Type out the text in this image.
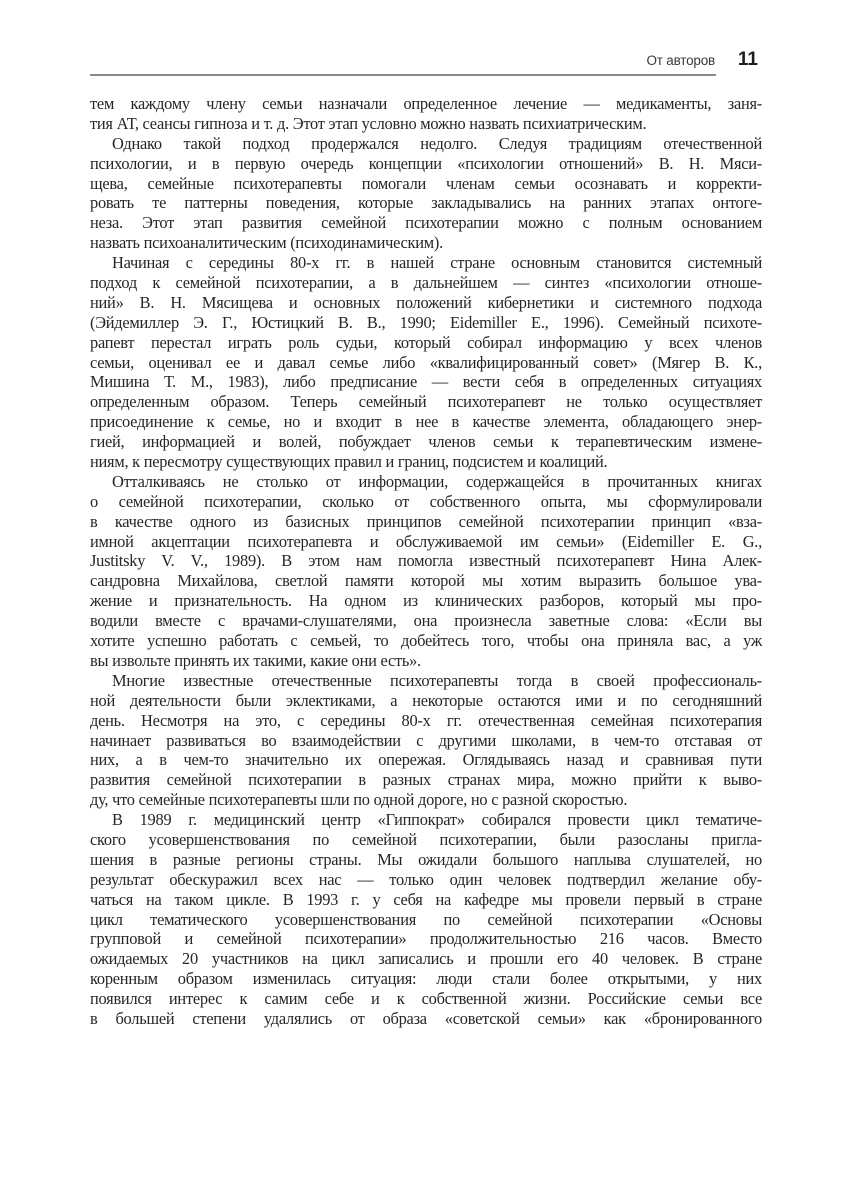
От авторов 11
тем каждому члену семьи назначали определенное лечение — медикаменты, заня-
тия АТ, сеансы гипноза и т. д. Этот этап условно можно назвать психиатрическим.
Однако такой подход продержался недолго. Следуя традициям отечественной
психологии, и в первую очередь концепции «психологии отношений» В. Н. Мяси-
щева, семейные психотерапевты помогали членам семьи осознавать и корректи-
ровать те паттерны поведения, которые закладывались на ранних этапах онтоге-
неза. Этот этап развития семейной психотерапии можно с полным основанием
назвать психоаналитическим (психодинамическим).
Начиная с середины 80-х гг. в нашей стране основным становится системный
подход к семейной психотерапии, а в дальнейшем — синтез «психологии отноше-
ний» В. Н. Мясищева и основных положений кибернетики и системного подхода
(Эйдемиллер Э. Г., Юстицкий В. В., 1990; Eidemiller E., 1996). Семейный психоте-
рапевт перестал играть роль судьи, который собирал информацию у всех членов
семьи, оценивал ее и давал семье либо «квалифицированный совет» (Мягер В. К.,
Мишина Т. М., 1983), либо предписание — вести себя в определенных ситуациях
определенным образом. Теперь семейный психотерапевт не только осуществляет
присоединение к семье, но и входит в нее в качестве элемента, обладающего энер-
гией, информацией и волей, побуждает членов семьи к терапевтическим измене-
ниям, к пересмотру существующих правил и границ, подсистем и коалиций.
Отталкиваясь не столько от информации, содержащейся в прочитанных книгах
о семейной психотерапии, сколько от собственного опыта, мы сформулировали
в качестве одного из базисных принципов семейной психотерапии принцип «вза-
имной акцептации психотерапевта и обслуживаемой им семьи» (Eidemiller E. G.,
Justitsky V. V., 1989). В этом нам помогла известный психотерапевт Нина Алек-
сандровна Михайлова, светлой памяти которой мы хотим выразить большое ува-
жение и признательность. На одном из клинических разборов, который мы про-
водили вместе с врачами-слушателями, она произнесла заветные слова: «Если вы
хотите успешно работать с семьей, то добейтесь того, чтобы она приняла вас, а уж
вы извольте принять их такими, какие они есть».
Многие известные отечественные психотерапевты тогда в своей профессиональ-
ной деятельности были эклектиками, а некоторые остаются ими и по сегодняшний
день. Несмотря на это, с середины 80-х гг. отечественная семейная психотерапия
начинает развиваться во взаимодействии с другими школами, в чем-то отставая от
них, а в чем-то значительно их опережая. Оглядываясь назад и сравнивая пути
развития семейной психотерапии в разных странах мира, можно прийти к выво-
ду, что семейные психотерапевты шли по одной дороге, но с разной скоростью.
В 1989 г. медицинский центр «Гиппократ» собирался провести цикл тематиче-
ского усовершенствования по семейной психотерапии, были разосланы пригла-
шения в разные регионы страны. Мы ожидали большого наплыва слушателей, но
результат обескуражил всех нас — только один человек подтвердил желание обу-
чаться на таком цикле. В 1993 г. у себя на кафедре мы провели первый в стране
цикл тематического усовершенствования по семейной психотерапии «Основы
групповой и семейной психотерапии» продолжительностью 216 часов. Вместо
ожидаемых 20 участников на цикл записались и прошли его 40 человек. В стране
коренным образом изменилась ситуация: люди стали более открытыми, у них
появился интерес к самим себе и к собственной жизни. Российские семьи все
в большей степени удалялись от образа «советской семьи» как «бронированного
